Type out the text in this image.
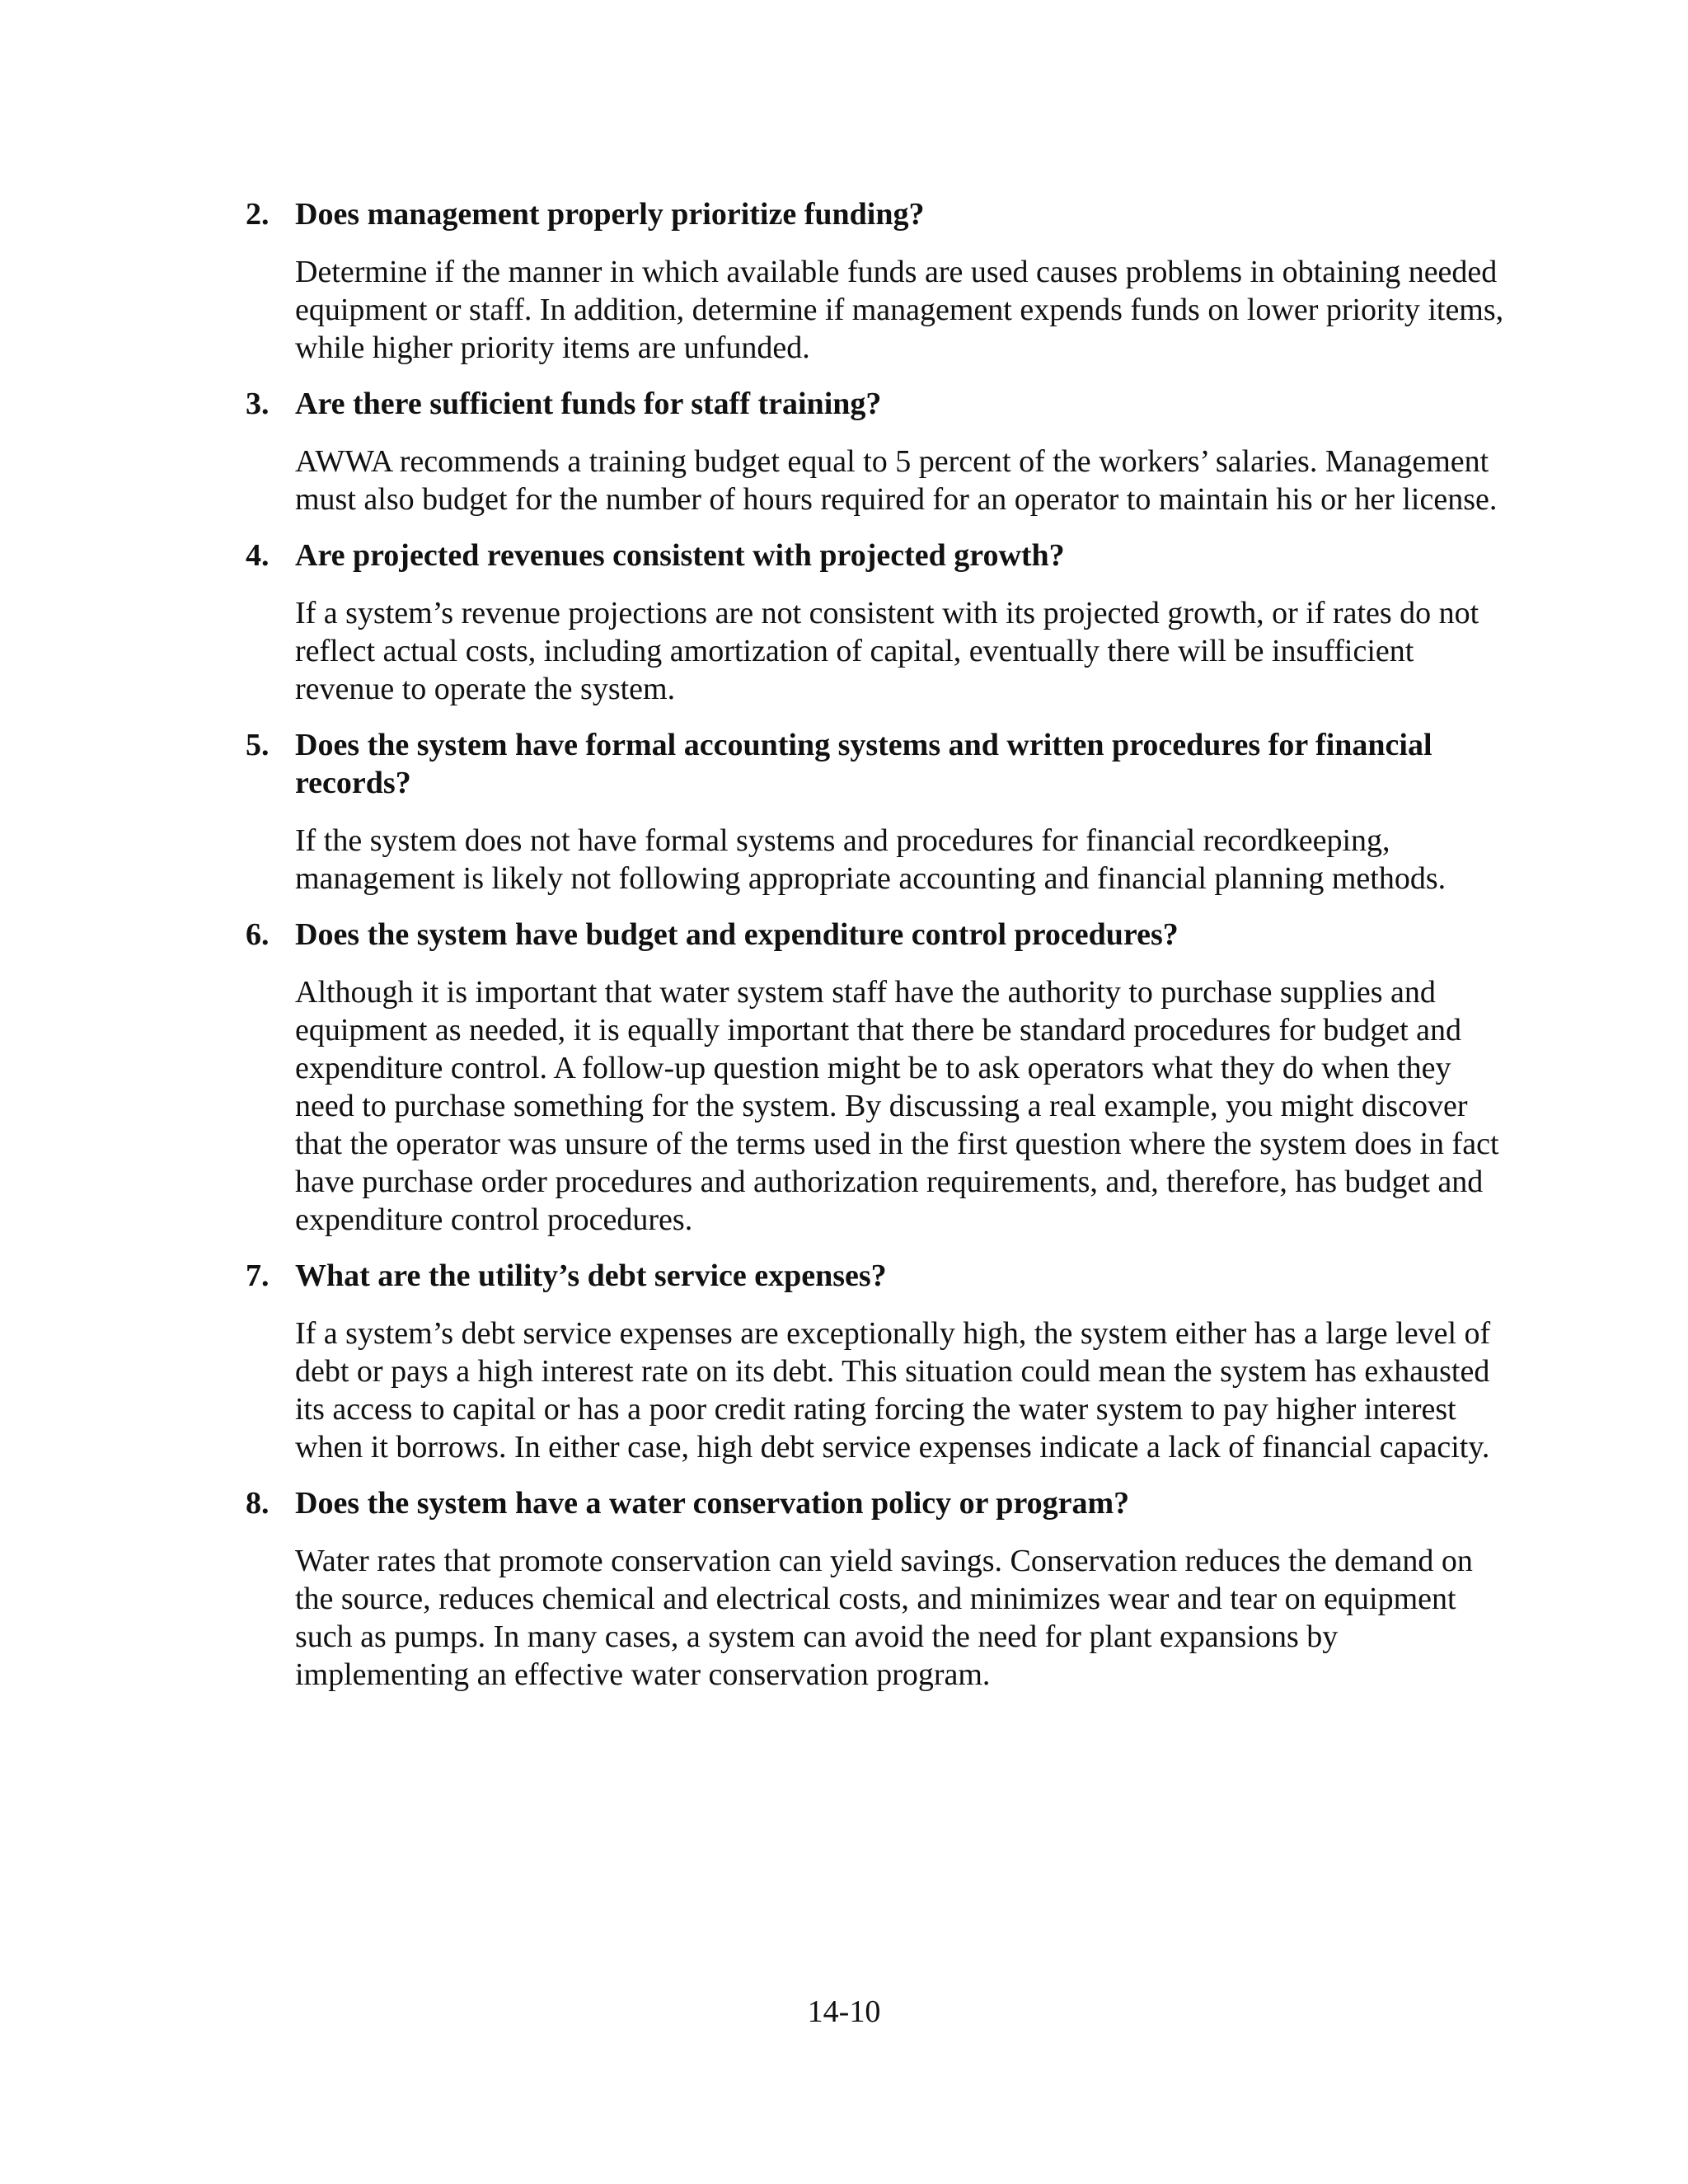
2. Does management properly prioritize funding?

Determine if the manner in which available funds are used causes problems in obtaining needed equipment or staff. In addition, determine if management expends funds on lower priority items, while higher priority items are unfunded.

3. Are there sufficient funds for staff training?

AWWA recommends a training budget equal to 5 percent of the workers’ salaries. Management must also budget for the number of hours required for an operator to maintain his or her license.

4. Are projected revenues consistent with projected growth?

If a system’s revenue projections are not consistent with its projected growth, or if rates do not reflect actual costs, including amortization of capital, eventually there will be insufficient revenue to operate the system.

5. Does the system have formal accounting systems and written procedures for financial records?

If the system does not have formal systems and procedures for financial recordkeeping, management is likely not following appropriate accounting and financial planning methods.

6. Does the system have budget and expenditure control procedures?

Although it is important that water system staff have the authority to purchase supplies and equipment as needed, it is equally important that there be standard procedures for budget and expenditure control. A follow-up question might be to ask operators what they do when they need to purchase something for the system. By discussing a real example, you might discover that the operator was unsure of the terms used in the first question where the system does in fact have purchase order procedures and authorization requirements, and, therefore, has budget and expenditure control procedures.

7. What are the utility’s debt service expenses?

If a system’s debt service expenses are exceptionally high, the system either has a large level of debt or pays a high interest rate on its debt. This situation could mean the system has exhausted its access to capital or has a poor credit rating forcing the water system to pay higher interest when it borrows. In either case, high debt service expenses indicate a lack of financial capacity.

8. Does the system have a water conservation policy or program?

Water rates that promote conservation can yield savings. Conservation reduces the demand on the source, reduces chemical and electrical costs, and minimizes wear and tear on equipment such as pumps. In many cases, a system can avoid the need for plant expansions by implementing an effective water conservation program.

14-10
